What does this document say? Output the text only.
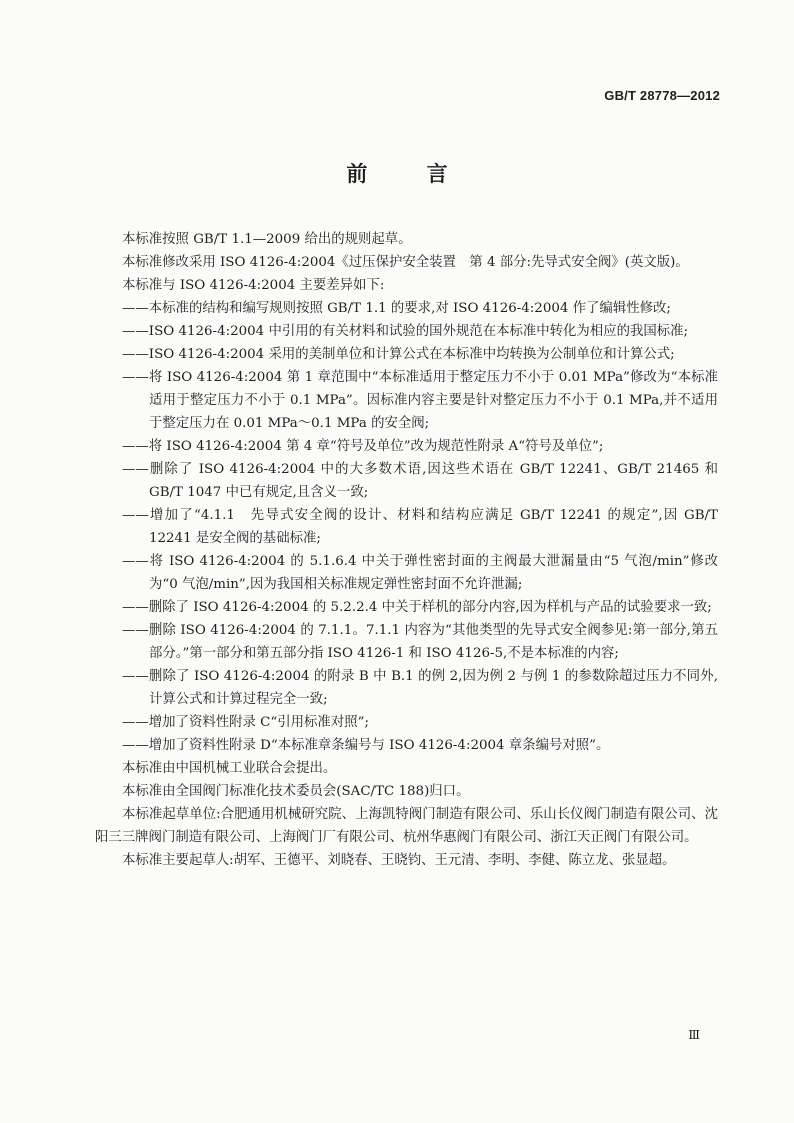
GB/T 28778—2012
前 言

本标准按照 GB/T 1.1—2009 给出的规则起草。

本标准修改采用 ISO 4126-4:2004《过压保护安全装置　第 4 部分:先导式安全阀》(英文版)。

本标准与 ISO 4126-4:2004 主要差异如下:

——本标准的结构和编写规则按照 GB/T 1.1 的要求,对 ISO 4126-4:2004 作了编辑性修改;

——ISO 4126-4:2004 中引用的有关材料和试验的国外规范在本标准中转化为相应的我国标准;

——ISO 4126-4:2004 采用的美制单位和计算公式在本标准中均转换为公制单位和计算公式;

——将 ISO 4126-4:2004 第 1 章范围中“本标准适用于整定压力不小于 0.01 MPa”修改为“本标准适用于整定压力不小于 0.1 MPa”。因标准内容主要是针对整定压力不小于 0.1 MPa,并不适用于整定压力在 0.01 MPa～0.1 MPa 的安全阀;

——将 ISO 4126-4:2004 第 4 章“符号及单位”改为规范性附录 A“符号及单位”;

——删除了 ISO 4126-4:2004 中的大多数术语,因这些术语在 GB/T 12241、GB/T 21465 和 GB/T 1047 中已有规定,且含义一致;

——增加了“4.1.1　先导式安全阀的设计、材料和结构应满足 GB/T 12241 的规定”,因 GB/T 12241 是安全阀的基础标准;

——将 ISO 4126-4:2004 的 5.1.6.4 中关于弹性密封面的主阀最大泄漏量由“5 气泡/min”修改为“0 气泡/min”,因为我国相关标准规定弹性密封面不允许泄漏;

——删除了 ISO 4126-4:2004 的 5.2.2.4 中关于样机的部分内容,因为样机与产品的试验要求一致;

——删除 ISO 4126-4:2004 的 7.1.1。7.1.1 内容为“其他类型的先导式安全阀参见:第一部分,第五部分。”第一部分和第五部分指 ISO 4126-1 和 ISO 4126-5,不是本标准的内容;

——删除了 ISO 4126-4:2004 的附录 B 中 B.1 的例 2,因为例 2 与例 1 的参数除超过压力不同外,计算公式和计算过程完全一致;

——增加了资料性附录 C“引用标准对照”;

——增加了资料性附录 D“本标准章条编号与 ISO 4126-4:2004 章条编号对照”。

本标准由中国机械工业联合会提出。

本标准由全国阀门标准化技术委员会(SAC/TC 188)归口。

本标准起草单位:合肥通用机械研究院、上海凯特阀门制造有限公司、乐山长仪阀门制造有限公司、沈阳三三牌阀门制造有限公司、上海阀门厂有限公司、杭州华惠阀门有限公司、浙江天正阀门有限公司。

本标准主要起草人:胡军、王德平、刘晓春、王晓钧、王元清、李明、李健、陈立龙、张显超。

Ⅲ
